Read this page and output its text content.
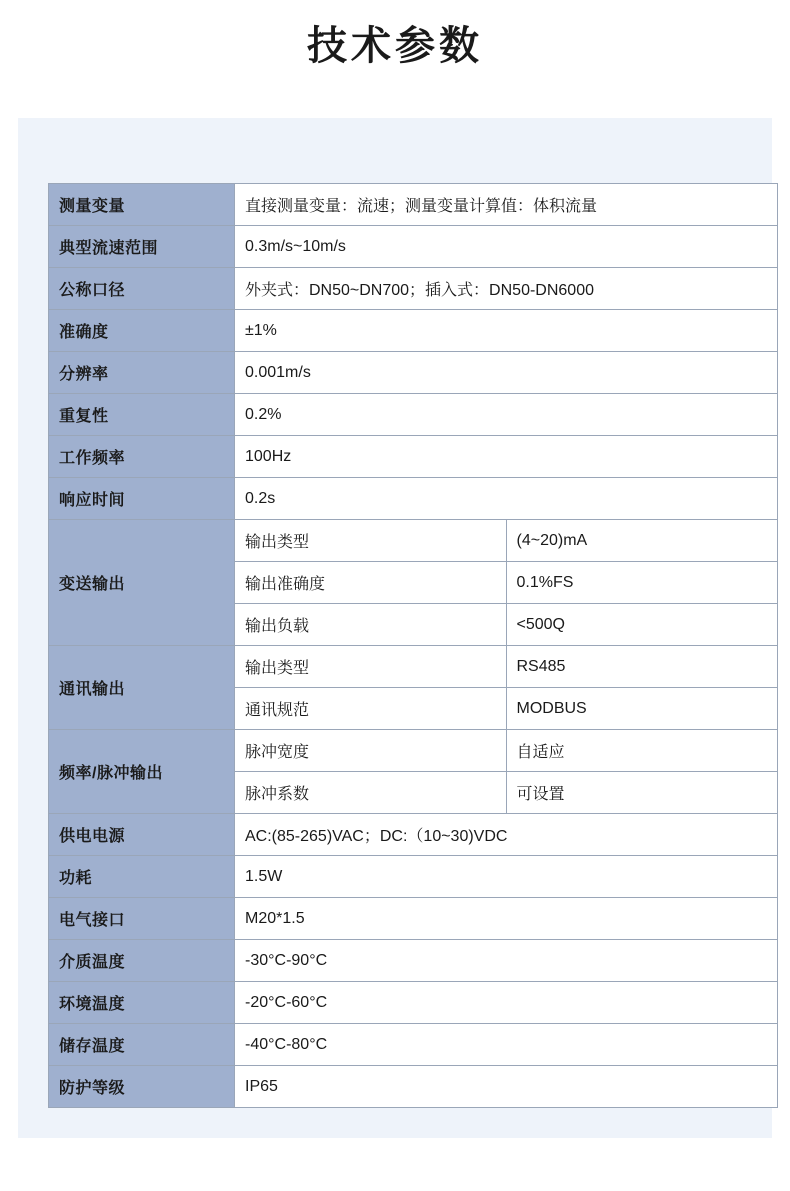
技术参数
测量变量	直接测量变量：流速；测量变量计算值：体积流量	
典型流速范围	0.3m/s~10m/s	
公称口径	外夹式：DN50~DN700；插入式：DN50-DN6000	
准确度	±1%	
分辨率	0.001m/s	
重复性	0.2%	
工作频率	100Hz	
响应时间	0.2s	
变送输出	输出类型	(4~20)mA
	输出准确度	0.1%FS
	输出负载	<500Q
通讯输出	输出类型	RS485
	通讯规范	MODBUS
频率/脉冲输出	脉冲宽度	自适应
	脉冲系数	可设置
供电电源	AC:(85-265)VAC；DC:（10~30)VDC	
功耗	1.5W	
电气接口	M20*1.5	
介质温度	-30°C-90°C	
环境温度	-20°C-60°C	
储存温度	-40°C-80°C	
防护等级	IP65	
